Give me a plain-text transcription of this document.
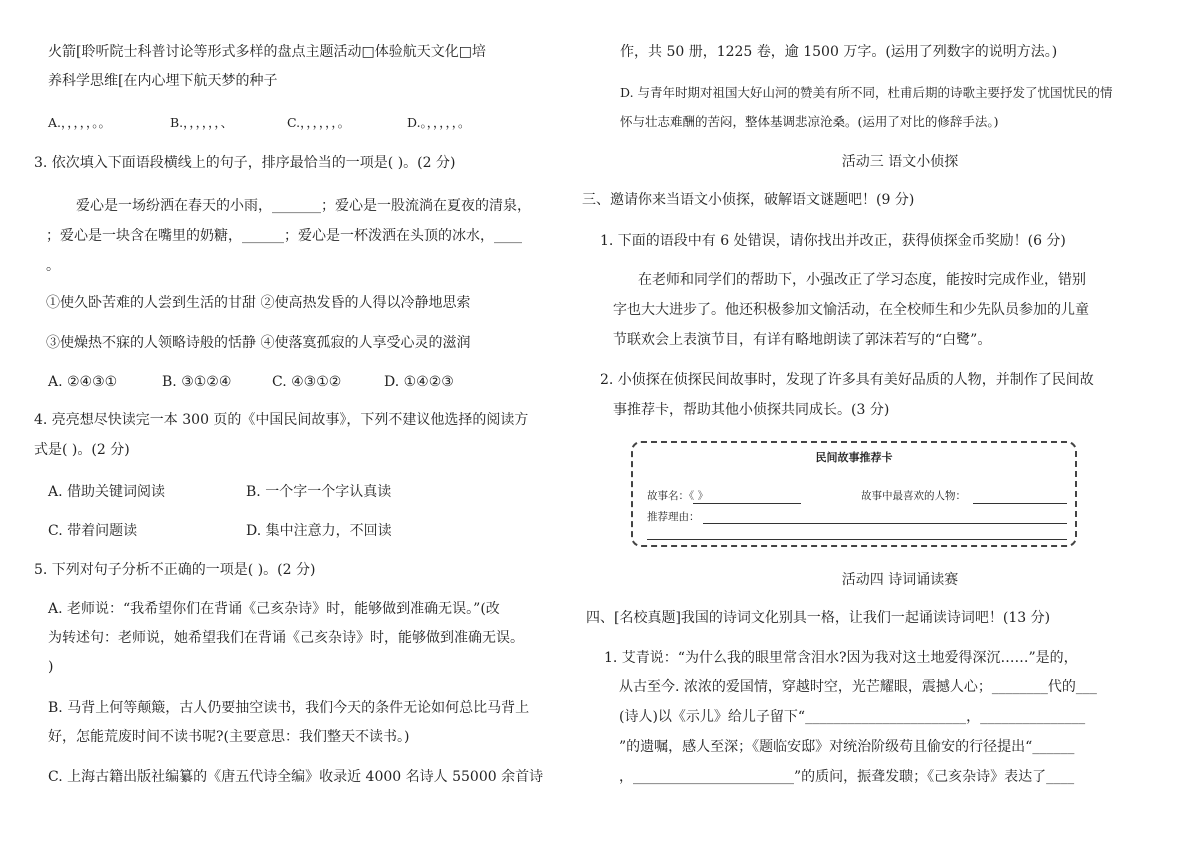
火箭[聆听院士科普讨论等形式多样的盘点主题活动□体验航天文化□培
养科学思维[在内心埋下航天梦的种子
A.，，，，，。。	B.，，，，，，、	C.，，，，，，。	D.。，，，，，。
3. 依次填入下面语段横线上的句子，排序最恰当的一项是( )。(2 分)
爱心是一场纷洒在春天的小雨，_______；爱心是一股流淌在夏夜的清泉，
；爱心是一块含在嘴里的奶糖，______；爱心是一杯泼洒在头顶的冰水，____
。
①使久卧苦难的人尝到生活的甘甜 ②使高热发昏的人得以冷静地思索
③使燥热不寐的人领略诗般的恬静 ④使落寞孤寂的人享受心灵的滋润
A. ②④③①	B. ③①②④	C. ④③①②	D. ①④②③
4. 亮亮想尽快读完一本 300 页的《中国民间故事》，下列不建议他选择的阅读方
式是( )。(2 分)
A. 借助关键词阅读	B. 一个字一个字认真读
C. 带着问题读	D. 集中注意力，不回读
5. 下列对句子分析不正确的一项是( )。(2 分)
A. 老师说：“我希望你们在背诵《己亥杂诗》时，能够做到准确无误。”(改
为转述句：老师说，她希望我们在背诵《己亥杂诗》时，能够做到准确无误。
)
B. 马背上何等颠簸，古人仍要抽空读书，我们今天的条件无论如何总比马背上
好，怎能荒废时间不读书呢?(主要意思：我们整天不读书。)
C. 上海古籍出版社编纂的《唐五代诗全编》收录近 4000 名诗人 55000 余首诗
作，共 50 册，1225 卷，逾 1500 万字。(运用了列数字的说明方法。)
D. 与青年时期对祖国大好山河的赞美有所不同，杜甫后期的诗歌主要抒发了忧国忧民的情
怀与壮志难酬的苦闷，整体基调悲凉沧桑。(运用了对比的修辞手法。)
活动三 语文小侦探
三、邀请你来当语文小侦探，破解语文谜题吧！(9 分)
1. 下面的语段中有 6 处错误，请你找出并改正，获得侦探金币奖励！(6 分)
在老师和同学们的帮助下，小强改正了学习态度，能按时完成作业，错别
字也大大进步了。他还积极参加文愉活动，在全校师生和少先队员参加的儿童
节联欢会上表演节目，有详有略地朗读了郭沫若写的“白鹭”。
2. 小侦探在侦探民间故事时，发现了许多具有美好品质的人物，并制作了民间故
事推荐卡，帮助其他小侦探共同成长。(3 分)
活动四 诗词诵读赛
四、[名校真题]我国的诗词文化别具一格，让我们一起诵读诗词吧！(13 分)
1. 艾青说：“为什么我的眼里常含泪水?因为我对这土地爱得深沉……”是的，
从古至今. 浓浓的爱国情，穿越时空，光芒耀眼，震撼人心；________代的___
(诗人)以《示儿》给儿子留下“_______________________，_______________
”的遗嘱，感人至深；《题临安邸》对统治阶级苟且偷安的行径提出“______
，_______________________”的质问，振聋发聩；《己亥杂诗》表达了____
民间故事推荐卡
故事名：《 》	故事中最喜欢的人物：
推荐理由：
